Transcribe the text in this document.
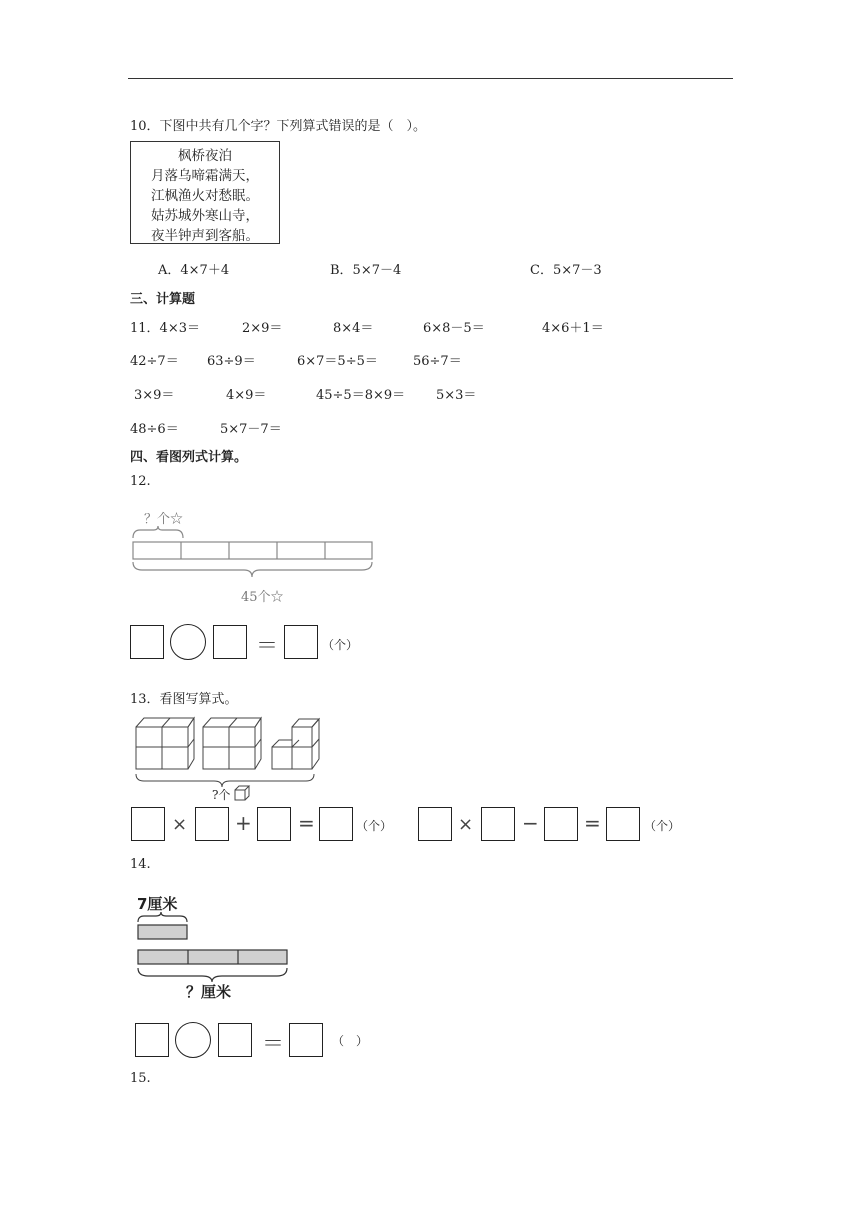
10．下图中共有几个字？下列算式错误的是（　）。
枫桥夜泊
月落乌啼霜满天，
江枫渔火对愁眠。
姑苏城外寒山寺，
夜半钟声到客船。
A．4×7＋4	B．5×7－4	C．5×7－3
三、计算题
11．4×3＝	2×9＝	8×4＝	6×8－5＝	4×6＋1＝
42÷7＝ 63÷9＝	6×7＝5÷5＝	56÷7＝
3×9＝	4×9＝	45÷5＝8×9＝ 5×3＝
48÷6＝	5×7－7＝
四、看图列式计算。
12.
？个☆
45个☆
＝	（个）
13．看图写算式。
?个
× + =	（个）	× − =	（个）
14.
7厘米
？厘米
＝	（　）
15.
